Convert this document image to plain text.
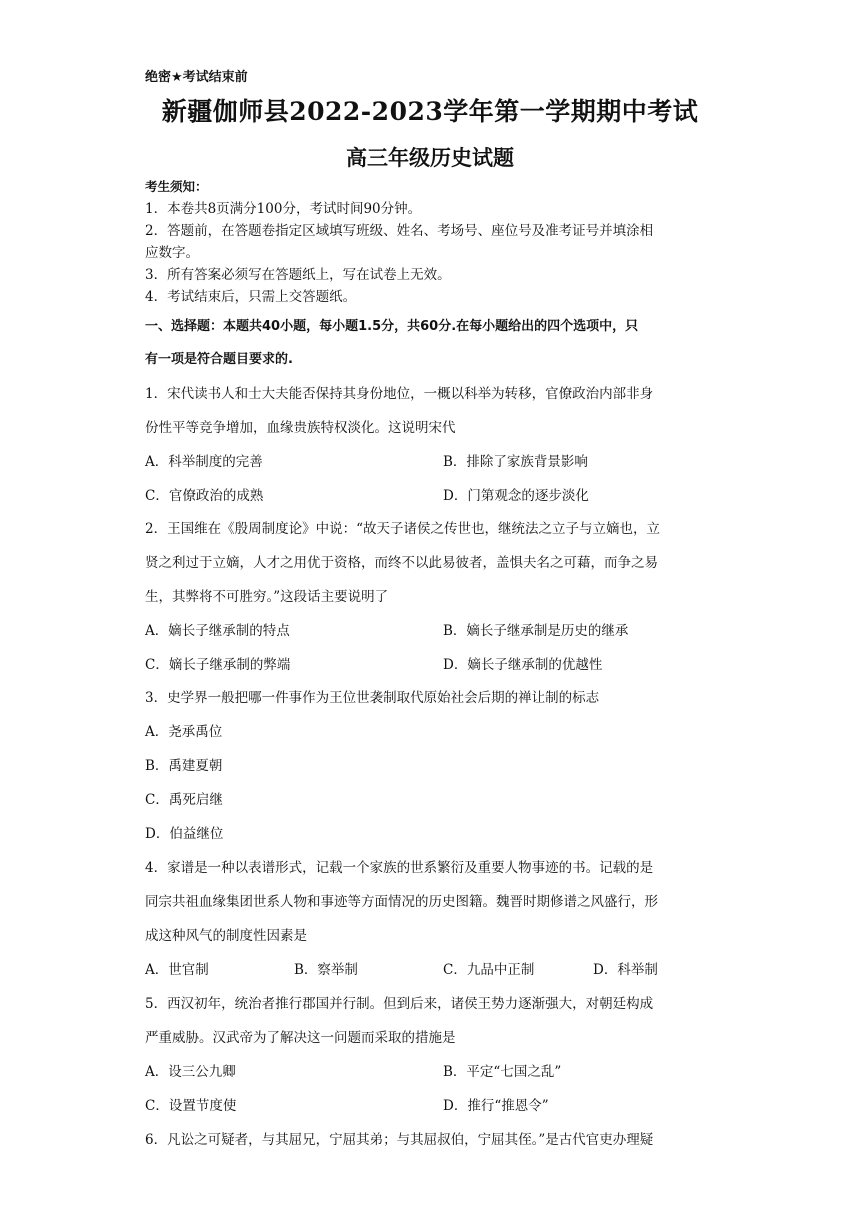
绝密★考试结束前
新疆伽师县2022-2023学年第一学期期中考试
高三年级历史试题
考生须知：
1．本卷共8页满分100分，考试时间90分钟。
2．答题前，在答题卷指定区域填写班级、姓名、考场号、座位号及准考证号并填涂相
应数字。
3．所有答案必须写在答题纸上，写在试卷上无效。
4．考试结束后，只需上交答题纸。
一、选择题：本题共40小题，每小题1.5分，共60分.在每小题给出的四个选项中，只
有一项是符合题目要求的.
1．宋代读书人和士大夫能否保持其身份地位，一概以科举为转移，官僚政治内部非身
份性平等竞争增加，血缘贵族特权淡化。这说明宋代
A．科举制度的完善	B．排除了家族背景影响
C．官僚政治的成熟	D．门第观念的逐步淡化
2．王国维在《殷周制度论》中说：“故天子诸侯之传世也，继统法之立子与立嫡也，立
贤之利过于立嫡，人才之用优于资格，而终不以此易彼者，盖惧夫名之可藉，而争之易
生，其弊将不可胜穷。”这段话主要说明了
A．嫡长子继承制的特点	B．嫡长子继承制是历史的继承
C．嫡长子继承制的弊端	D．嫡长子继承制的优越性
3．史学界一般把哪一件事作为王位世袭制取代原始社会后期的禅让制的标志
A．尧承禹位
B．禹建夏朝
C．禹死启继
D．伯益继位
4．家谱是一种以表谱形式，记载一个家族的世系繁衍及重要人物事迹的书。记载的是
同宗共祖血缘集团世系人物和事迹等方面情况的历史图籍。魏晋时期修谱之风盛行，形
成这种风气的制度性因素是
A．世官制	B．察举制	C．九品中正制	D．科举制
5．西汉初年，统治者推行郡国并行制。但到后来，诸侯王势力逐渐强大，对朝廷构成
严重威胁。汉武帝为了解决这一问题而采取的措施是
A．设三公九卿	B．平定“七国之乱”
C．设置节度使	D．推行“推恩令”
6．凡讼之可疑者，与其屈兄，宁屈其弟；与其屈叔伯，宁屈其侄。”是古代官吏办理疑
